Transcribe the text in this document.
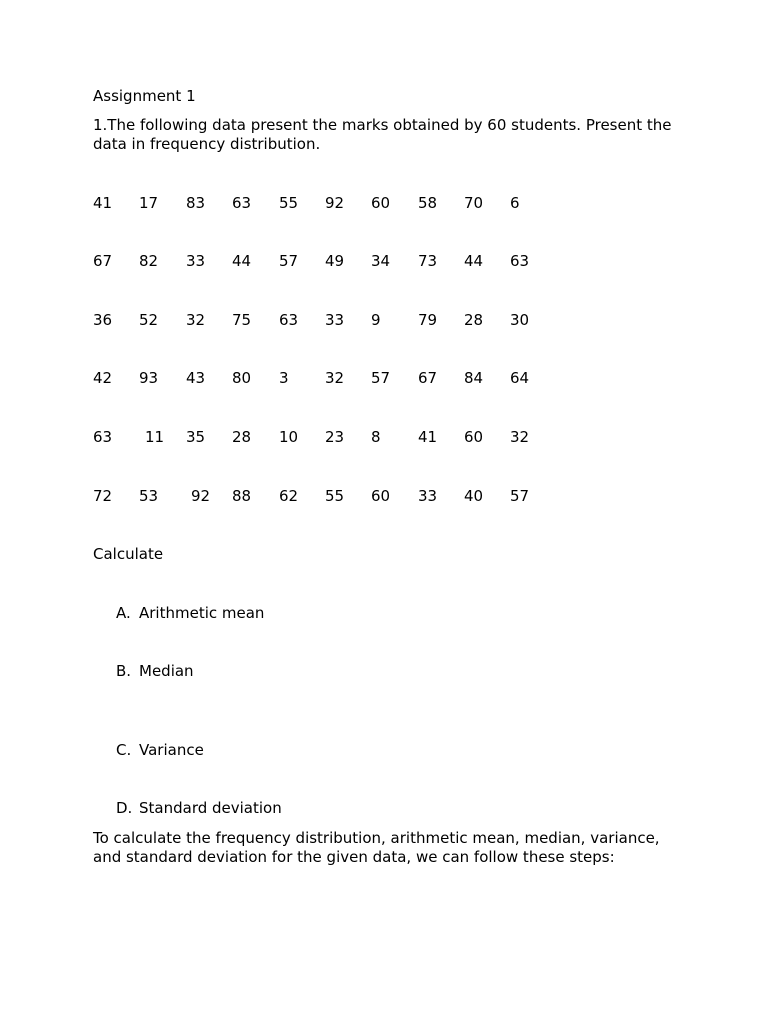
Assignment 1
1.The following data present the marks obtained by 60 students. Present the data in frequency distribution.
41 17 83 63 55 92 60 58 70 6
67 82 33 44 57 49 34 73 44 63
36 52 32 75 63 33 9 79 28 30
42 93 43 80 3 32 57 67 84 64
63 11 35 28 10 23 8 41 60 32
72 53 92 88 62 55 60 33 40 57
Calculate
A. Arithmetic mean
B. Median
C. Variance
D. Standard deviation
To calculate the frequency distribution, arithmetic mean, median, variance, and standard deviation for the given data, we can follow these steps:
